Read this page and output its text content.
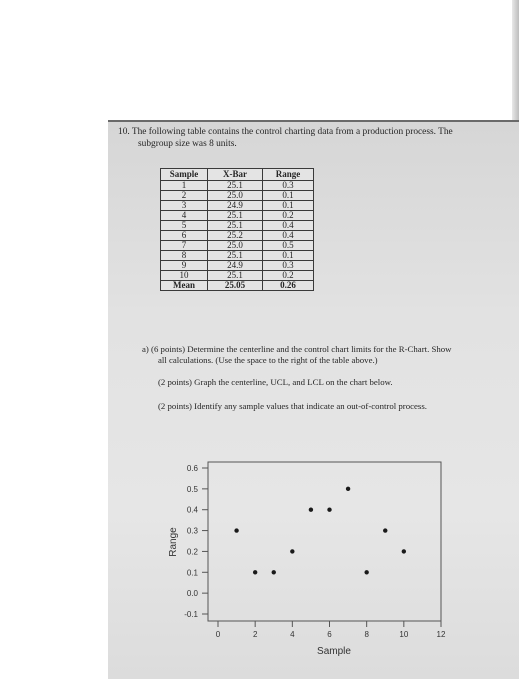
10. The following table contains the control charting data from a production process. The
subgroup size was 8 units.
Sample	X-Bar	Range
1	25.1	0.3
2	25.0	0.1
3	24.9	0.1
4	25.1	0.2
5	25.1	0.4
6	25.2	0.4
7	25.0	0.5
8	25.1	0.1
9	24.9	0.3
10	25.1	0.2
Mean	25.05	0.26
a) (6 points) Determine the centerline and the control chart limits for the R-Chart. Show
all calculations. (Use the space to the right of the table above.)
(2 points) Graph the centerline, UCL, and LCL on the chart below.
(2 points) Identify any sample values that indicate an out-of-control process.
0.6
0.5
0.4
0.3
0.2
0.1
0.0
-0.1
0	2	4	6	8	10	12
Range
Sample
